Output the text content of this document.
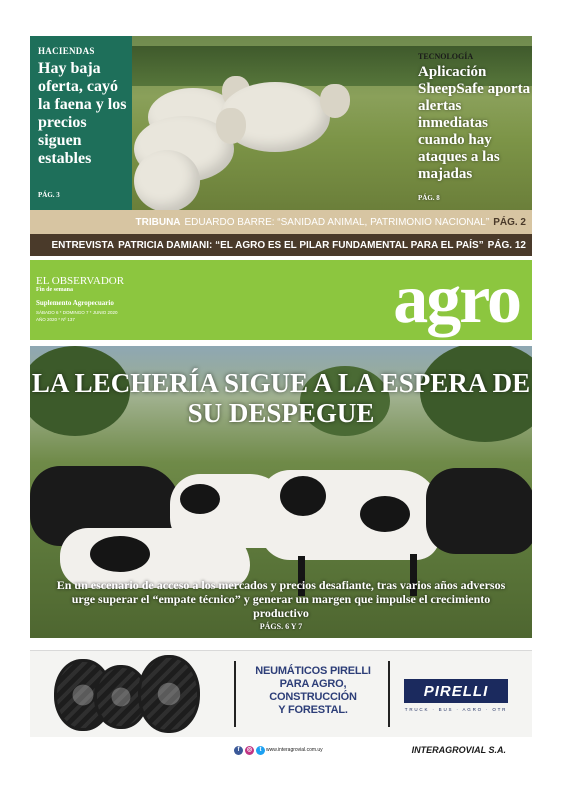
HACIENDAS
Hay baja oferta, cayó la faena y los precios siguen estables
PÁG. 3
TECNOLOGÍA
Aplicación SheepSafe aporta alertas inmediatas cuando hay ataques a las majadas
PÁG. 8
TRIBUNA EDUARDO BARRE: “SANIDAD ANIMAL, PATRIMONIO NACIONAL” PÁG. 2
ENTREVISTA PATRICIA DAMIANI: “EL AGRO ES EL PILAR FUNDAMENTAL PARA EL PAÍS” PÁG. 12
EL OBSERVADOR
Fin de semana
Suplemento Agropecuario
SÁBADO 6 * DOMINGO 7 * JUNIO 2020
AÑO 2020 * Nº 137	agro
LA LECHERÍA SIGUE A LA ESPERA DE SU DESPEGUE
En un escenario de acceso a los mercados y precios desafiante, tras varios años adversos urge superar el “empate técnico” y generar un margen que impulse el crecimiento productivo
PÁGS. 6 Y 7
NEUMÁTICOS PIRELLI
PARA AGRO,
CONSTRUCCIÓN
Y FORESTAL.
PIRELLI
TRUCK · BUS · AGRO · OTR
f	◎	t www.interagrovial.com.uy	INTERAGROVIAL S.A.
